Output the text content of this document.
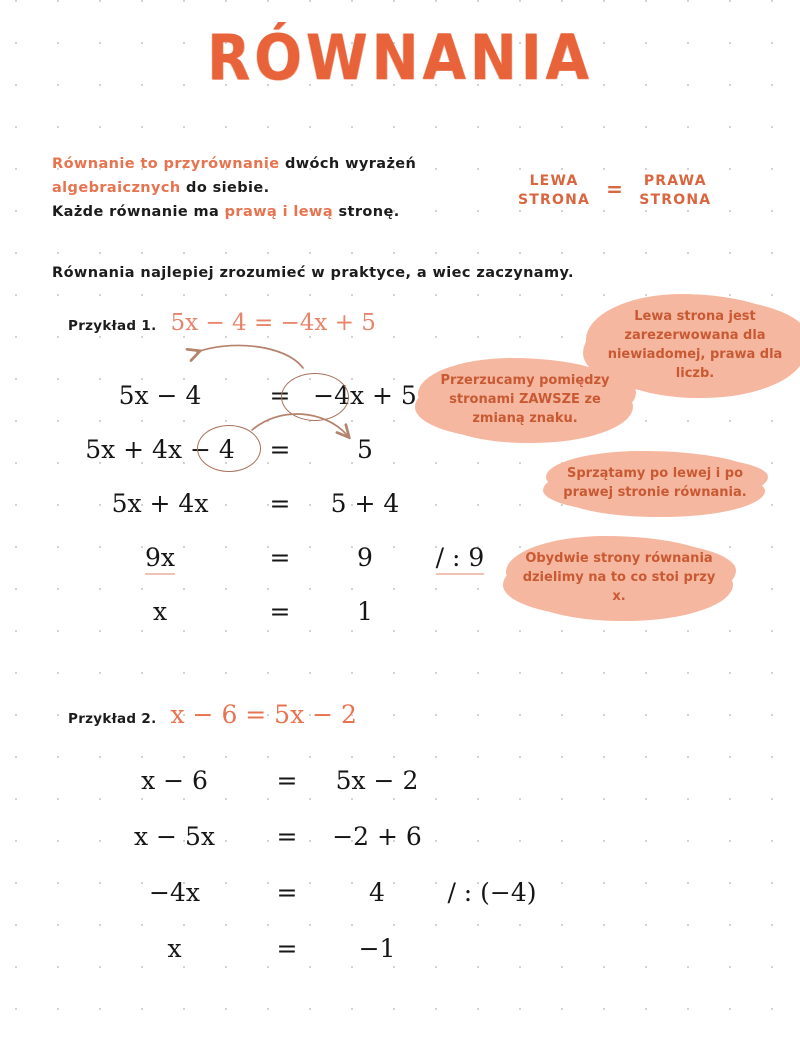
RÓWNANIA
Równanie to przyrównanie dwóch wyrażeń
algebraicznych do siebie.
Każde równanie ma prawą i lewą stronę.
LEWA
STRONA =	PRAWA
STRONA
Równania najlepiej zrozumieć w praktyce, a wiec zaczynamy.
Przykład 1. 5x − 4 = −4x + 5
5x − 4	= −4x + 5
5x + 4x − 4	=	5
5x + 4x	=	5 + 4
9x	=	9	/ : 9
x	=	1
Lewa strona jest zarezerwowana dla niewiadomej, prawa dla liczb.
Przerzucamy pomiędzy stronami ZAWSZE ze zmianą znaku.
Sprzątamy po lewej i po prawej stronie równania.
Obydwie strony równania dzielimy na to co stoi przy x.
Przykład 2. x − 6 = 5x − 2
x − 6	=	5x − 2
x − 5x	=	−2 + 6
−4x	=	4	/ : (−4)
x	=	−1
